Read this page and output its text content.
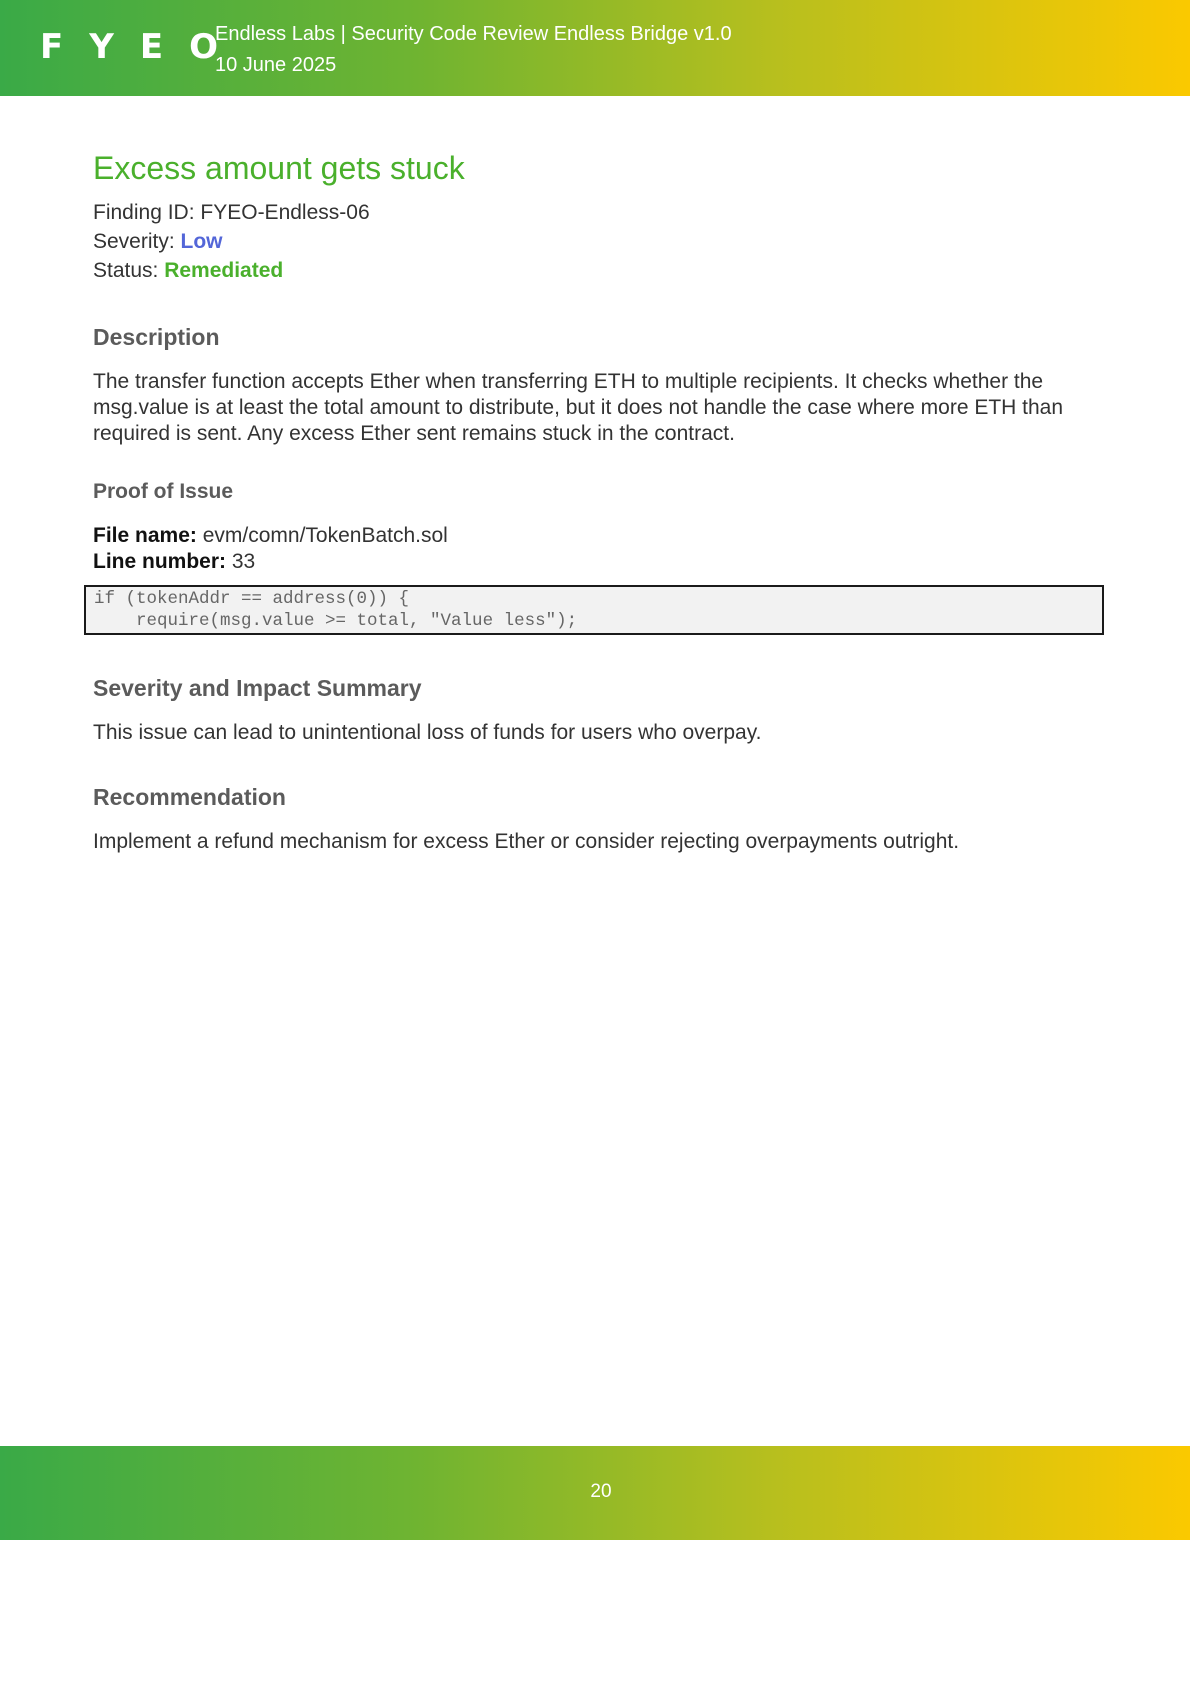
FYEO
Endless Labs | Security Code Review Endless Bridge v1.0
10 June 2025
Excess amount gets stuck
Finding ID: FYEO-Endless-06
Severity: Low
Status: Remediated
Description

The transfer function accepts Ether when transferring ETH to multiple recipients. It checks whether the msg.value is at least the total amount to distribute, but it does not handle the case where more ETH than required is sent. Any excess Ether sent remains stuck in the contract.

Proof of Issue
File name: evm/comn/TokenBatch.sol
Line number: 33
if (tokenAddr == address(0)) {
require(msg.value >= total, "Value less");
Severity and Impact Summary

This issue can lead to unintentional loss of funds for users who overpay.

Recommendation

Implement a refund mechanism for excess Ether or consider rejecting overpayments outright.

20
